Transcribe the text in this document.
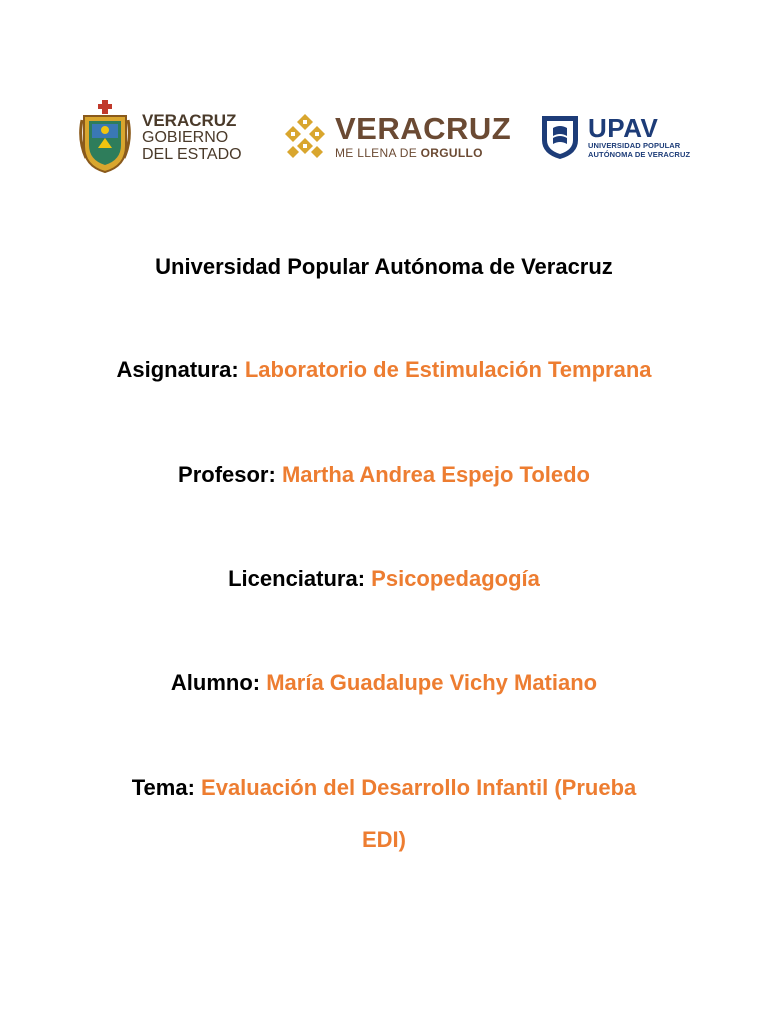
VERACRUZ
GOBIERNO
DEL ESTADO
VERACRUZ
ME LLENA DE ORGULLO
UPAV
UNIVERSIDAD POPULAR
AUTÓNOMA DE VERACRUZ
Universidad Popular Autónoma de Veracruz
Asignatura: Laboratorio de Estimulación Temprana
Profesor: Martha Andrea Espejo Toledo
Licenciatura: Psicopedagogía
Alumno: María Guadalupe Vichy Matiano
Tema: Evaluación del Desarrollo Infantil (Prueba
EDI)
